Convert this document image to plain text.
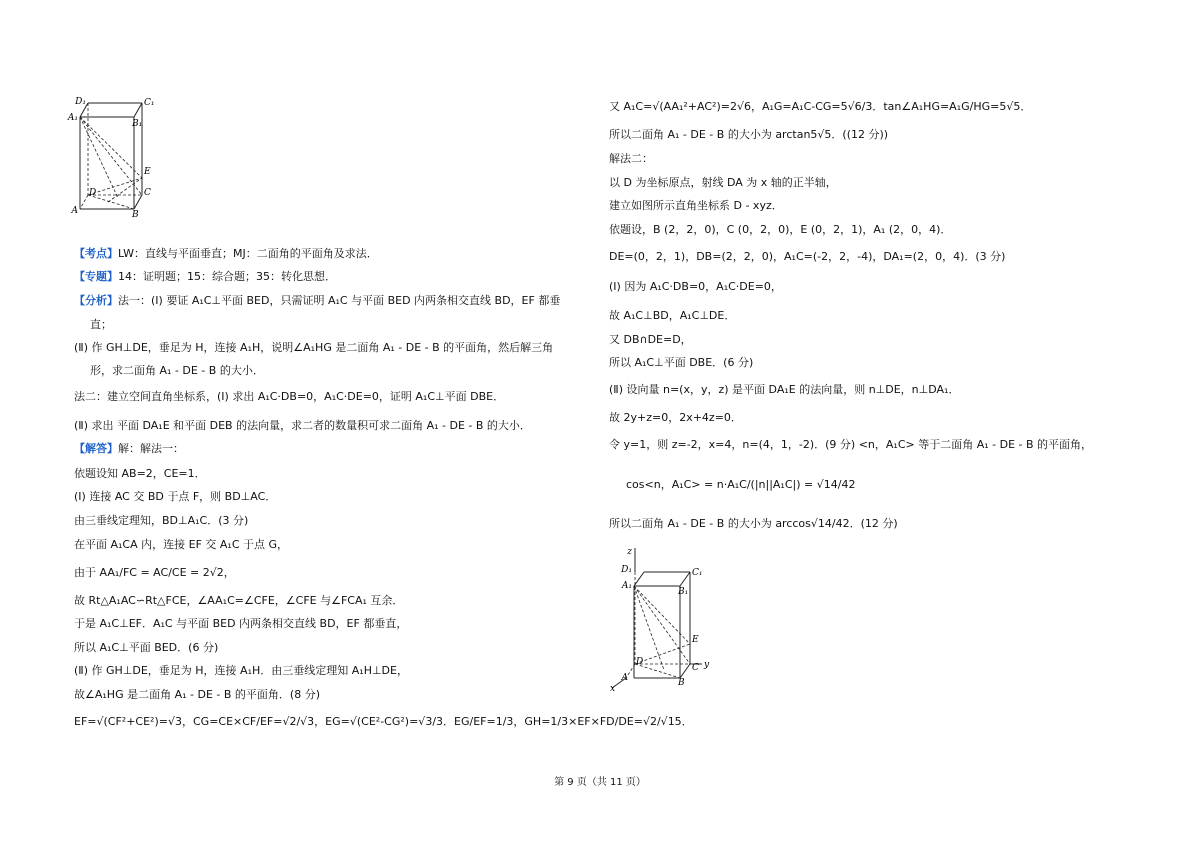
D₁	C₁
A₁
B₁
E
D	C
A	B
【考点】LW：直线与平面垂直；MJ：二面角的平面角及求法．
【专题】14：证明题；15：综合题；35：转化思想．
【分析】法一：(Ⅰ) 要证 A₁C⊥平面 BED，只需证明 A₁C 与平面 BED 内两条相交直线 BD，EF 都垂
直；
(Ⅱ) 作 GH⊥DE，垂足为 H，连接 A₁H，说明∠A₁HG 是二面角 A₁ - DE - B 的平面角，然后解三角
形，求二面角 A₁ - DE - B 的大小．
法二：建立空间直角坐标系，(Ⅰ) 求出 A₁C·DB=0，A₁C·DE=0，证明 A₁C⊥平面 DBE．
(Ⅱ) 求出 平面 DA₁E 和平面 DEB 的法向量，求二者的数量积可求二面角 A₁ - DE - B 的大小．
【解答】解：解法一：
依题设知 AB=2，CE=1．
(Ⅰ) 连接 AC 交 BD 于点 F，则 BD⊥AC．
由三垂线定理知，BD⊥A₁C．(3 分)
在平面 A₁CA 内，连接 EF 交 A₁C 于点 G，
由于 AA₁/FC = AC/CE = 2√2，
故 Rt△A₁AC∽Rt△FCE，∠AA₁C=∠CFE，∠CFE 与∠FCA₁ 互余．
于是 A₁C⊥EF．A₁C 与平面 BED 内两条相交直线 BD，EF 都垂直，
所以 A₁C⊥平面 BED．(6 分)
(Ⅱ) 作 GH⊥DE，垂足为 H，连接 A₁H．由三垂线定理知 A₁H⊥DE，
故∠A₁HG 是二面角 A₁ - DE - B 的平面角．(8 分)
EF=√(CF²+CE²)=√3，CG=CE×CF/EF=√2/√3，EG=√(CE²-CG²)=√3/3．EG/EF=1/3，GH=1/3×EF×FD/DE=√2/√15．
又 A₁C=√(AA₁²+AC²)=2√6，A₁G=A₁C-CG=5√6/3．tan∠A₁HG=A₁G/HG=5√5．
所以二面角 A₁ - DE - B 的大小为 arctan5√5．((12 分))
解法二：
以 D 为坐标原点，射线 DA 为 x 轴的正半轴，
建立如图所示直角坐标系 D - xyz．
依题设，B (2，2，0)，C (0，2，0)，E (0，2，1)，A₁ (2，0，4)．
DE=(0，2，1)，DB=(2，2，0)，A₁C=(-2，2，-4)，DA₁=(2，0，4)．(3 分)
(Ⅰ) 因为 A₁C·DB=0，A₁C·DE=0，
故 A₁C⊥BD，A₁C⊥DE．
又 DB∩DE=D，
所以 A₁C⊥平面 DBE．(6 分)
(Ⅱ) 设向量 n=(x，y，z) 是平面 DA₁E 的法向量，则 n⊥DE，n⊥DA₁．
故 2y+z=0，2x+4z=0．
令 y=1，则 z=-2，x=4，n=(4，1，-2)．(9 分) <n，A₁C> 等于二面角 A₁ - DE - B 的平面角，
cos<n，A₁C> = n·A₁C/(|n||A₁C|) = √14/42
所以二面角 A₁ - DE - B 的大小为 arccos√14/42．(12 分)
z
D₁	C₁
A₁
B₁
E
D
C y
A	B
x
第 9 页（共 11 页）
